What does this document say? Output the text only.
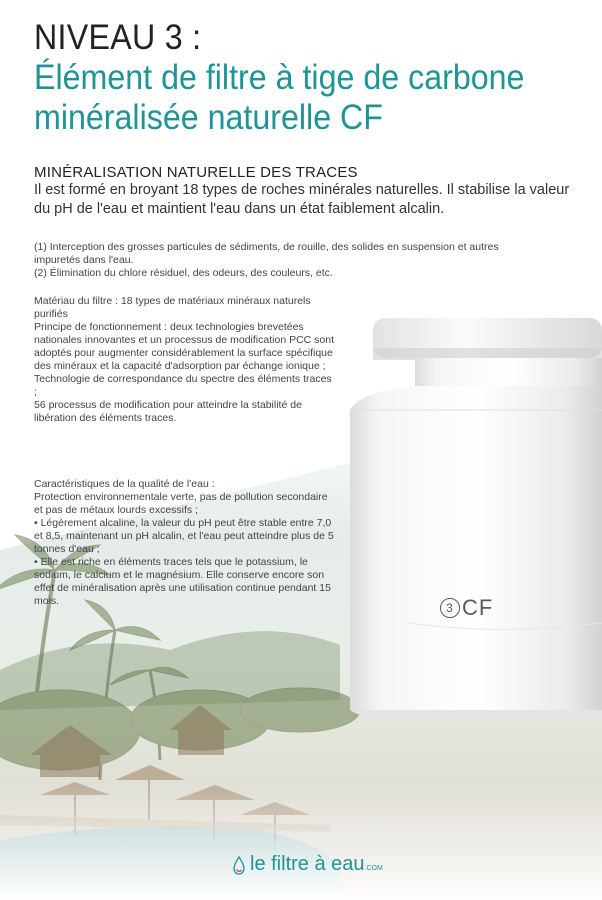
3 CF
NIVEAU 3 :
Élément de filtre à tige de carbone
minéralisée naturelle CF
MINÉRALISATION NATURELLE DES TRACES
Il est formé en broyant 18 types de roches minérales naturelles. Il stabilise la valeur du pH de l'eau et maintient l'eau dans un état faiblement alcalin.

(1) Interception des grosses particules de sédiments, de rouille, des solides en suspension et autres impuretés dans l'eau.

(2) Élimination du chlore résiduel, des odeurs, des couleurs, etc.

Matériau du filtre : 18 types de matériaux minéraux naturels purifiés

Principe de fonctionnement : deux technologies brevetées nationales innovantes et un processus de modification PCC sont adoptés pour augmenter considérablement la surface spécifique des minéraux et la capacité d'adsorption par échange ionique ;

Technologie de correspondance du spectre des éléments traces ;

56 processus de modification pour atteindre la stabilité de libération des éléments traces.

Caractéristiques de la qualité de l'eau :

Protection environnementale verte, pas de pollution secondaire et pas de métaux lourds excessifs ;

• Légèrement alcaline, la valeur du pH peut être stable entre 7,0 et 8,5, maintenant un pH alcalin, et l'eau peut atteindre plus de 5 tonnes d'eau ;

• Elle est riche en éléments traces tels que le potassium, le sodium, le calcium et le magnésium. Elle conserve encore son effet de minéralisation après une utilisation continue pendant 15 mois.

le filtre à eau.COM
